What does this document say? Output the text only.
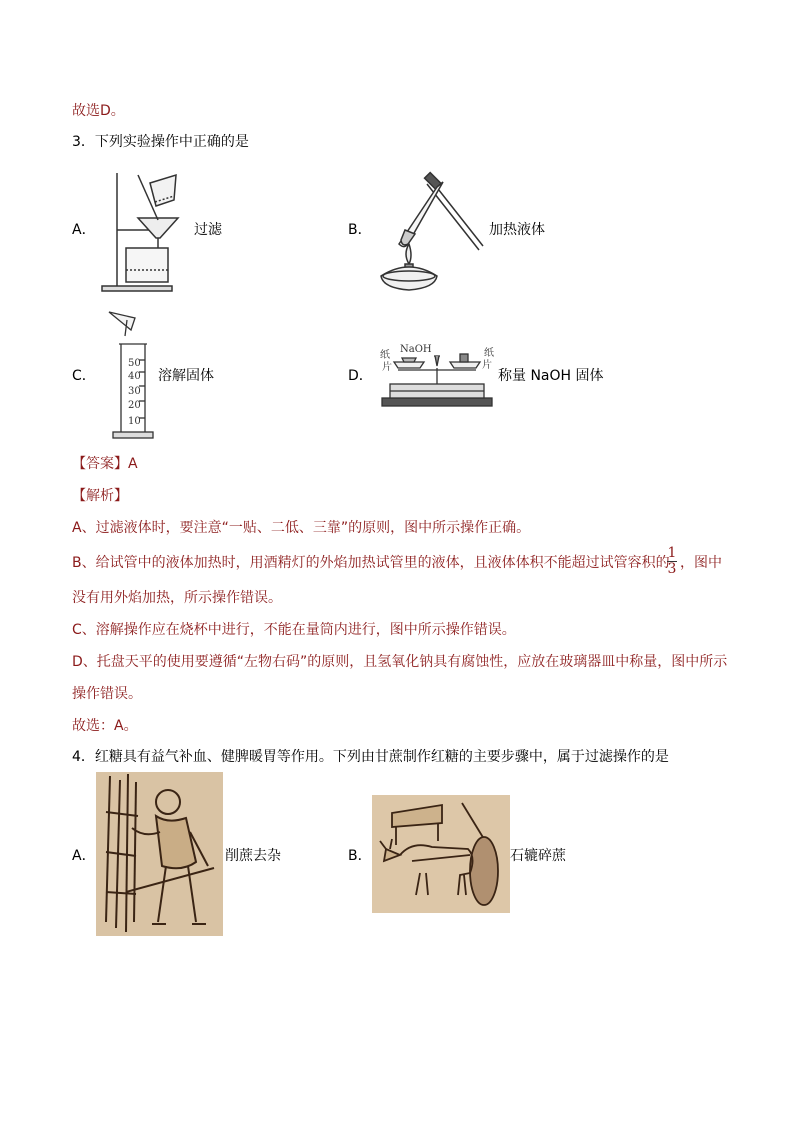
故选D。
3．下列实验操作中正确的是
A．	过滤	B．	加热液体
C．
50
40
30
20
10
溶解固体	D．
纸
片
NaOH	纸
片
称量 NaOH 固体
【答案】A
【解析】
A、过滤液体时，要注意“一贴、二低、三靠”的原则，图中所示操作正确。
B、给试管中的液体加热时，用酒精灯的外焰加热试管里的液体，且液体体积不能超过试管容积的
1
3 ，图中
没有用外焰加热，所示操作错误。
C、溶解操作应在烧杯中进行，不能在量筒内进行，图中所示操作错误。
D、托盘天平的使用要遵循“左物右码”的原则，且氢氧化钠具有腐蚀性，应放在玻璃器皿中称量，图中所示
操作错误。
故选：A。
4．红糖具有益气补血、健脾暖胃等作用。下列由甘蔗制作红糖的主要步骤中，属于过滤操作的是
A．	削蔗去杂	B．	石辘碎蔗
